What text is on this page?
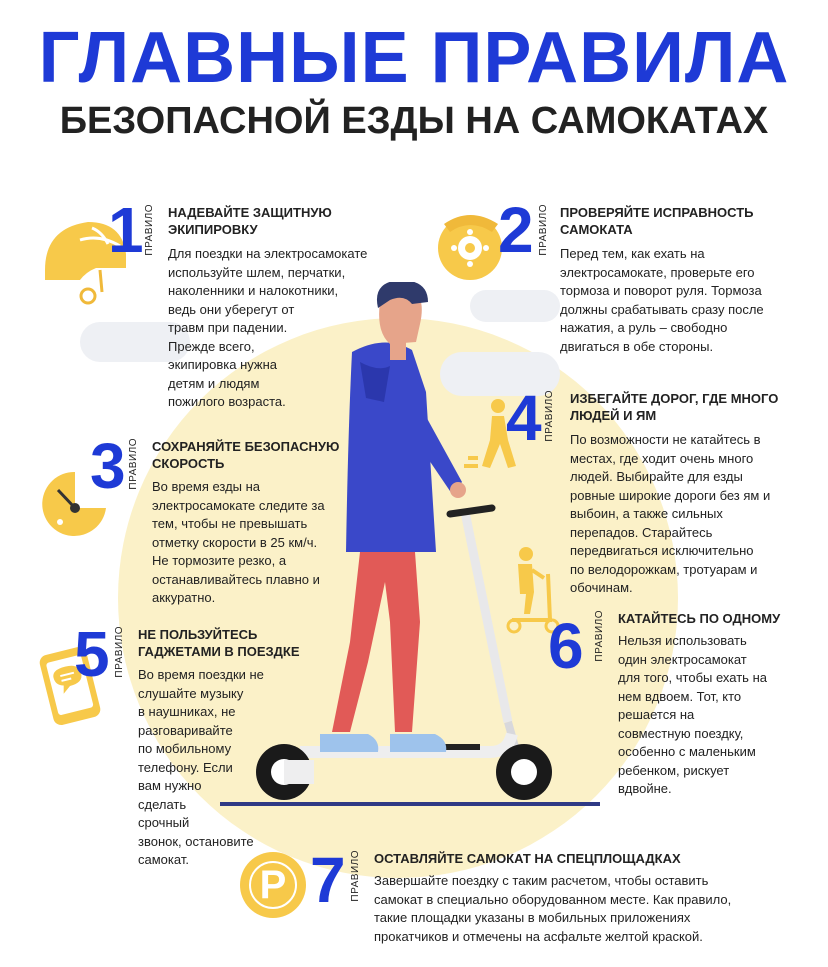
ГЛАВНЫЕ ПРАВИЛА
БЕЗОПАСНОЙ ЕЗДЫ НА САМОКАТАХ
1 ПРАВИЛО НАДЕВАЙТЕ ЗАЩИТНУЮ
ЭКИПИРОВКУ
Для поездки на электросамокате
используйте шлем, перчатки,
наколенники и налокотники,
ведь они уберегут от
травм при падении.
Прежде всего,
экипировка нужна
детям и людям
пожилого возраста.
2 ПРАВИЛО ПРОВЕРЯЙТЕ ИСПРАВНОСТЬ
САМОКАТА
Перед тем, как ехать на
электросамокате, проверьте его
тормоза и поворот руля. Тормоза
должны срабатывать сразу после
нажатия, а руль – свободно
двигаться в обе стороны.
3 ПРАВИЛО СОХРАНЯЙТЕ БЕЗОПАСНУЮ
СКОРОСТЬ
Во время езды на
электросамокате следите за
тем, чтобы не превышать
отметку скорости в 25 км/ч.
Не тормозите резко, а
останавливайтесь плавно и
аккуратно.
4 ПРАВИЛО ИЗБЕГАЙТЕ ДОРОГ, ГДЕ МНОГО
ЛЮДЕЙ И ЯМ
По возможности не катайтесь в
местах, где ходит очень много
людей. Выбирайте для езды
ровные широкие дороги без ям и
выбоин, а также сильных
перепадов. Старайтесь
передвигаться исключительно
по велодорожкам, тротуарам и
обочинам.
5 ПРАВИЛО НЕ ПОЛЬЗУЙТЕСЬ
ГАДЖЕТАМИ В ПОЕЗДКЕ
Во время поездки не
слушайте музыку
в наушниках, не
разговаривайте
по мобильному
телефону. Если
вам нужно
сделать
срочный
звонок, остановите
самокат.
6 ПРАВИЛО КАТАЙТЕСЬ ПО ОДНОМУ
Нельзя использовать
один электросамокат
для того, чтобы ехать на
нем вдвоем. Тот, кто
решается на
совместную поездку,
особенно с маленьким
ребенком, рискует
вдвойне.
P 7 ПРАВИЛО ОСТАВЛЯЙТЕ САМОКАТ НА СПЕЦПЛОЩАДКАХ
Завершайте поездку с таким расчетом, чтобы оставить
самокат в специально оборудованном месте. Как правило,
такие площадки указаны в мобильных приложениях
прокатчиков и отмечены на асфальте желтой краской.
